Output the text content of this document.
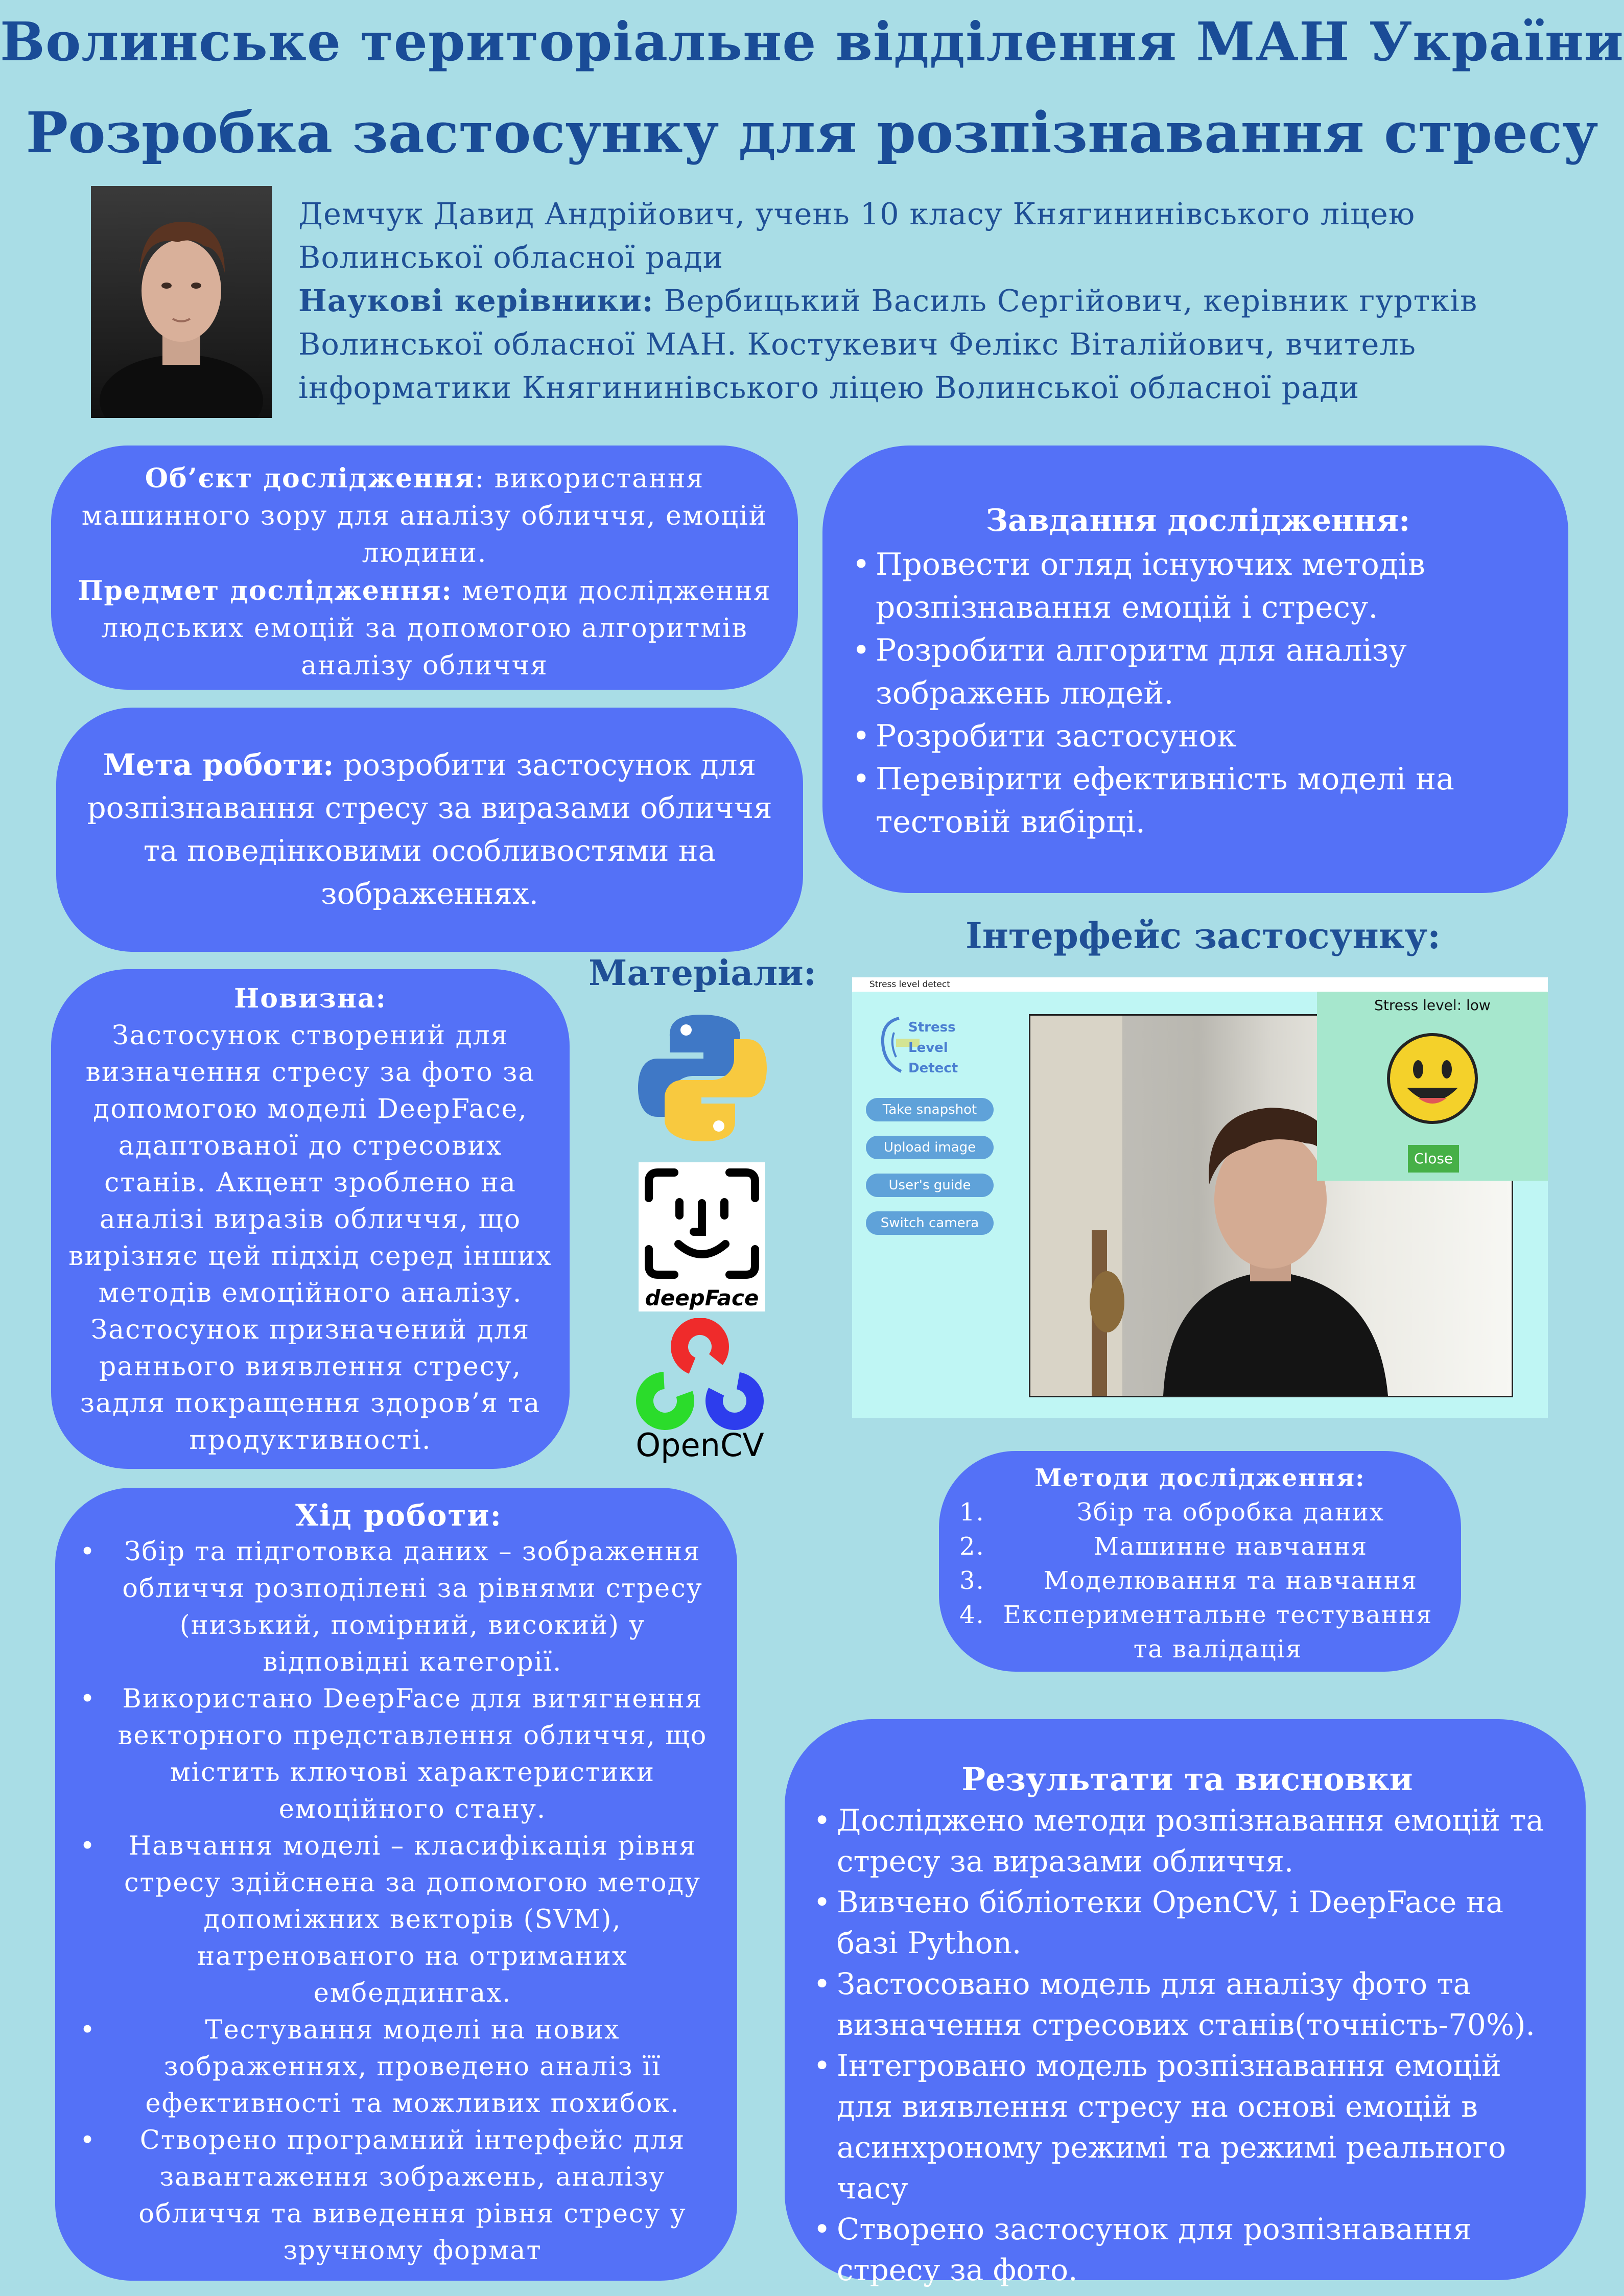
Волинське територіальне відділення МАН України
Розробка застосунку для розпізнавання стресу
Демчук Давид Андрійович, учень 10 класу Княгининівського ліцею
Волинської обласної ради
Наукові керівники: Вербицький Василь Сергійович, керівник гуртків
Волинської обласної МАН. Костукевич Фелікс Віталійович, вчитель
інформатики Княгининівського ліцею Волинської обласної ради
Об’єкт дослідження: використання машинного зору для аналізу обличчя, емоцій людини.
Предмет дослідження: методи дослідження людських емоцій за допомогою алгоритмів аналізу обличчя
Мета роботи: розробити застосунок для розпізнавання стресу за виразами обличчя та поведінковими особливостями на зображеннях.
Завдання дослідження:
• Провести огляд існуючих методів розпізнавання емоцій і стресу.
• Розробити алгоритм для аналізу зображень людей.
• Розробити застосунок
• Перевірити ефективність моделі на тестовій вибірці.
Новизна:
Застосунок створений для визначення стресу за фото за допомогою моделі DeepFace, адаптованої до стресових станів. Акцент зроблено на аналізі виразів обличчя, що вирізняє цей підхід серед інших методів емоційного аналізу. Застосунок призначений для раннього виявлення стресу, задля покращення здоров’я та продуктивності.
Матеріали:
deepFace
OpenCV
Інтерфейс застосунку:
Stress level detect
Stress
Level
Detect
Take snapshot
Upload image
User's guide
Switch camera
Stress level: low
Close
Методи дослідження:
1.	Збір та обробка даних
2.	Машинне навчання
3.	Моделювання та навчання
4. Експериментальне тестування та валідація
Хід роботи:
• Збір та підготовка даних – зображення обличчя розподілені за рівнями стресу (низький, помірний, високий) у відповідні категорії.
• Використано DeepFace для витягнення векторного представлення обличчя, що містить ключові характеристики емоційного стану.
• Навчання моделі – класифікація рівня стресу здійснена за допомогою методу допоміжних векторів (SVM), натренованого на отриманих ембеддингах.
• Тестування моделі на нових зображеннях, проведено аналіз її ефективності та можливих похибок.
• Створено програмний інтерфейс для завантаження зображень, аналізу обличчя та виведення рівня стресу у зручному формат
Результати та висновки
• Досліджено методи розпізнавання емоцій та стресу за виразами обличчя.
• Вивчено бібліотеки OpenCV, і DeepFace на базі Python.
• Застосовано модель для аналізу фото та визначення стресових станів(точність-70%).
• Інтегровано модель розпізнавання емоцій для виявлення стресу на основі емоцій в асинхроному режимі та режимі реального часу
• Створено застосунок для розпізнавання стресу за фото.
